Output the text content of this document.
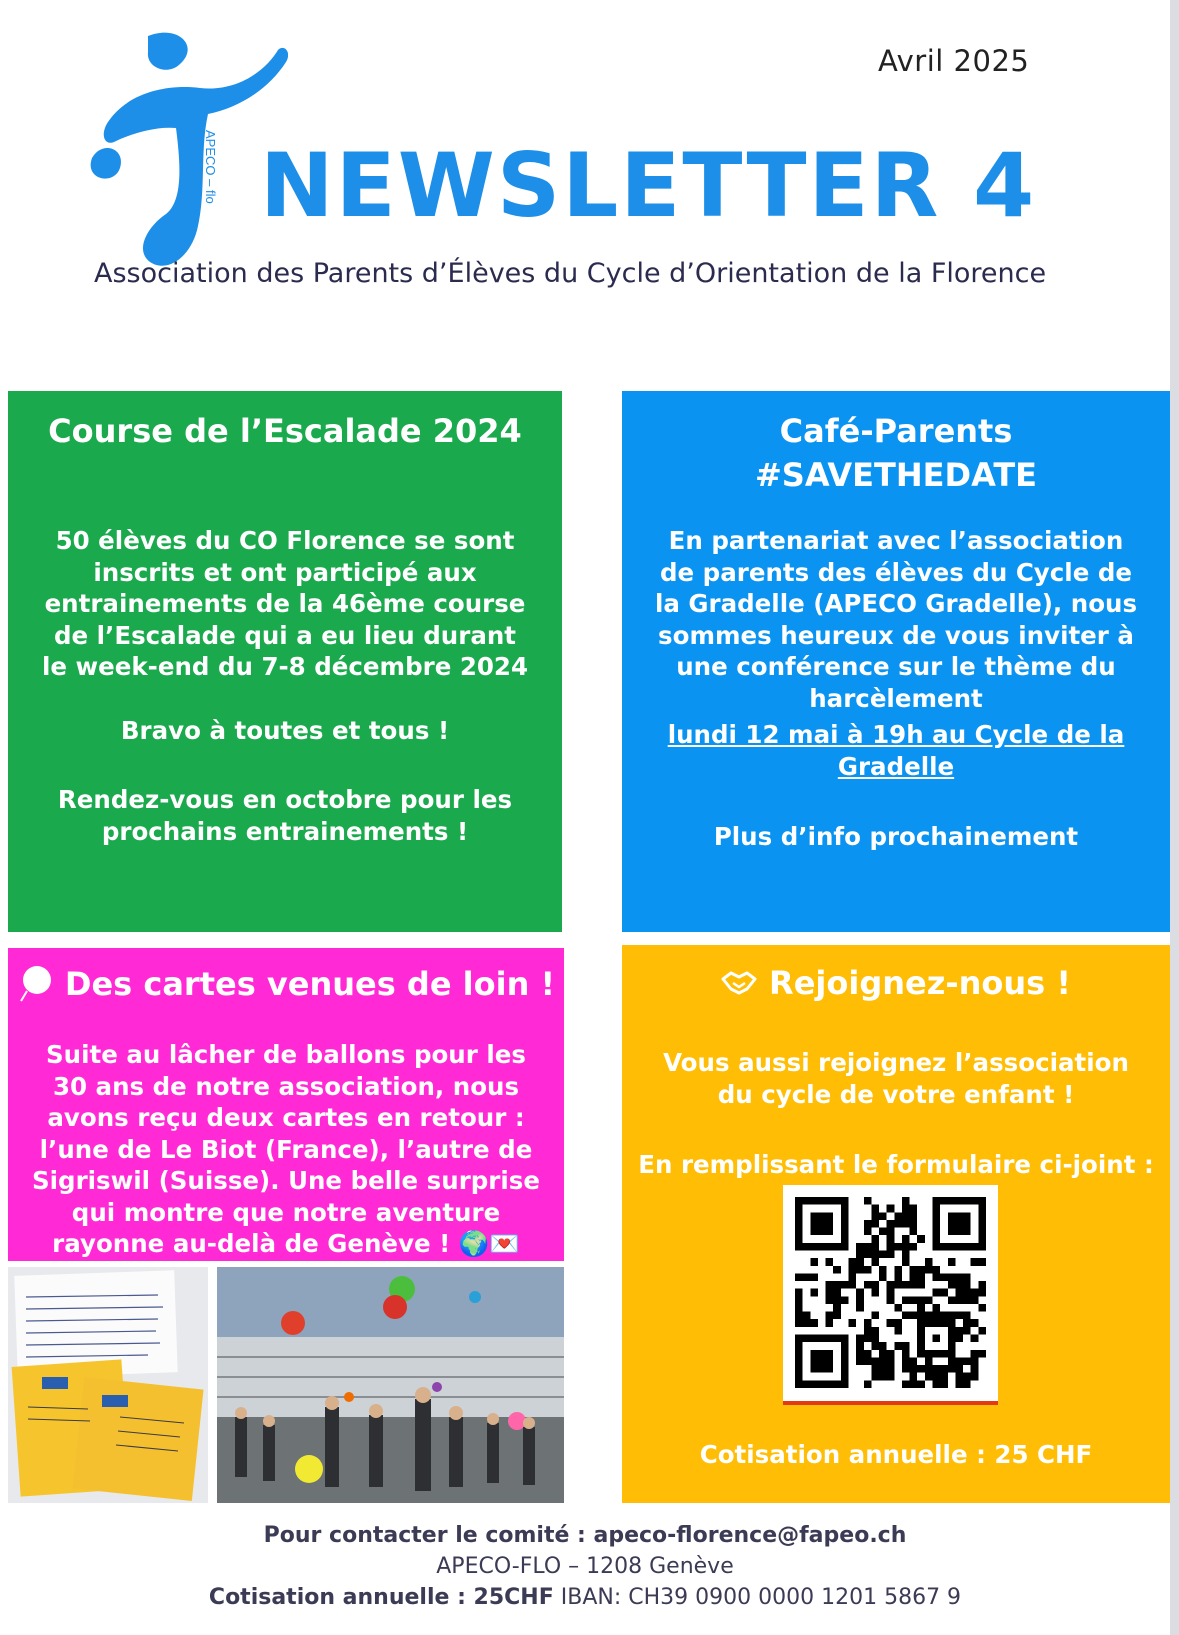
APECO – flo
Avril 2025
NEWSLETTER 4
Association des Parents d’Élèves du Cycle d’Orientation de la Florence

Course de l’Escalade 2024

50 élèves du CO Florence se sont inscrits et ont participé aux entrainements de la 46ème course de l’Escalade qui a eu lieu durant le week-end du 7-8 décembre 2024

Bravo à toutes et tous !

Rendez-vous en octobre pour les prochains entrainements !

Café-Parents
#SAVETHEDATE

En partenariat avec l’association de parents des élèves du Cycle de la Gradelle (APECO Gradelle), nous sommes heureux de vous inviter à une conférence sur le thème du harcèlement

lundi 12 mai à 19h au Cycle de la Gradelle

Plus d’info prochainement

Des cartes venues de loin !

Suite au lâcher de ballons pour les 30 ans de notre association, nous avons reçu deux cartes en retour : l’une de Le Biot (France), l’autre de Sigriswil (Suisse). Une belle surprise qui montre que notre aventure rayonne au-delà de Genève ! 🌍💌

Rejoignez-nous !

Vous aussi rejoignez l’association du cycle de votre enfant !

En remplissant le formulaire ci-joint :

Cotisation annuelle : 25 CHF

Pour contacter le comité : apeco-florence@fapeo.ch
APECO-FLO – 1208 Genève
Cotisation annuelle : 25CHF IBAN: CH39 0900 0000 1201 5867 9
